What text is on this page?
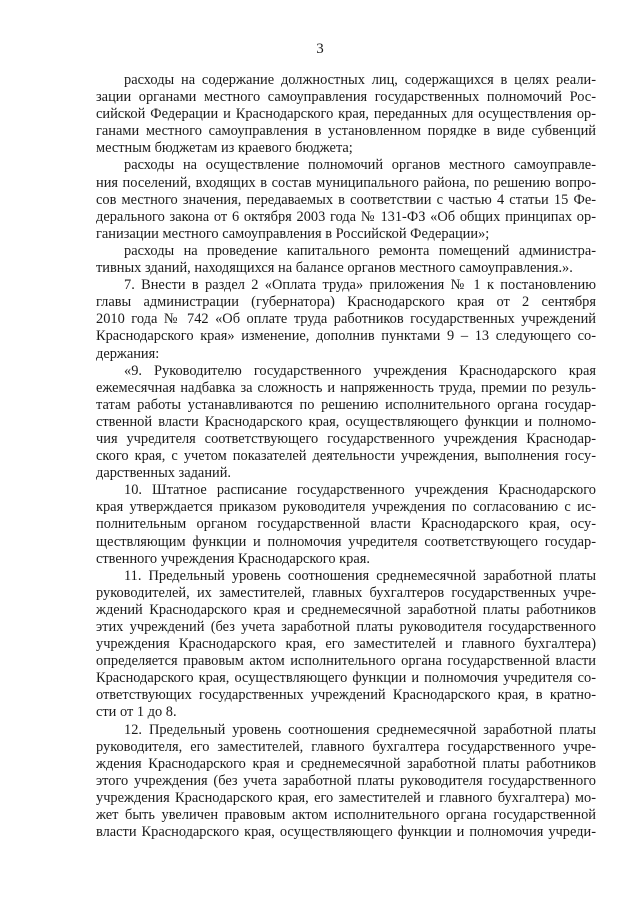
3
расходы на содержание должностных лиц, содержащихся в целях реали-
зации органами местного самоуправления государственных полномочий Рос-
сийской Федерации и Краснодарского края, переданных для осуществления ор-
ганами местного самоуправления в установленном порядке в виде субвенций
местным бюджетам из краевого бюджета;
расходы на осуществление полномочий органов местного самоуправле-
ния поселений, входящих в состав муниципального района, по решению вопро-
сов местного значения, передаваемых в соответствии с частью 4 статьи 15 Фе-
дерального закона от 6 октября 2003 года № 131-ФЗ «Об общих принципах ор-
ганизации местного самоуправления в Российской Федерации»;
расходы на проведение капитального ремонта помещений администра-
тивных зданий, находящихся на балансе органов местного самоуправления.».
7. Внести в раздел 2 «Оплата труда» приложения № 1 к постановлению
главы администрации (губернатора) Краснодарского края от 2 сентября
2010 года № 742 «Об оплате труда работников государственных учреждений
Краснодарского края» изменение, дополнив пунктами 9 – 13 следующего со-
держания:
«9. Руководителю государственного учреждения Краснодарского края
ежемесячная надбавка за сложность и напряженность труда, премии по резуль-
татам работы устанавливаются по решению исполнительного органа государ-
ственной власти Краснодарского края, осуществляющего функции и полномо-
чия учредителя соответствующего государственного учреждения Краснодар-
ского края, с учетом показателей деятельности учреждения, выполнения госу-
дарственных заданий.
10. Штатное расписание государственного учреждения Краснодарского
края утверждается приказом руководителя учреждения по согласованию с ис-
полнительным органом государственной власти Краснодарского края, осу-
ществляющим функции и полномочия учредителя соответствующего государ-
ственного учреждения Краснодарского края.
11. Предельный уровень соотношения среднемесячной заработной платы
руководителей, их заместителей, главных бухгалтеров государственных учре-
ждений Краснодарского края и среднемесячной заработной платы работников
этих учреждений (без учета заработной платы руководителя государственного
учреждения Краснодарского края, его заместителей и главного бухгалтера)
определяется правовым актом исполнительного органа государственной власти
Краснодарского края, осуществляющего функции и полномочия учредителя со-
ответствующих государственных учреждений Краснодарского края, в кратно-
сти от 1 до 8.
12. Предельный уровень соотношения среднемесячной заработной платы
руководителя, его заместителей, главного бухгалтера государственного учре-
ждения Краснодарского края и среднемесячной заработной платы работников
этого учреждения (без учета заработной платы руководителя государственного
учреждения Краснодарского края, его заместителей и главного бухгалтера) мо-
жет быть увеличен правовым актом исполнительного органа государственной
власти Краснодарского края, осуществляющего функции и полномочия учреди-
